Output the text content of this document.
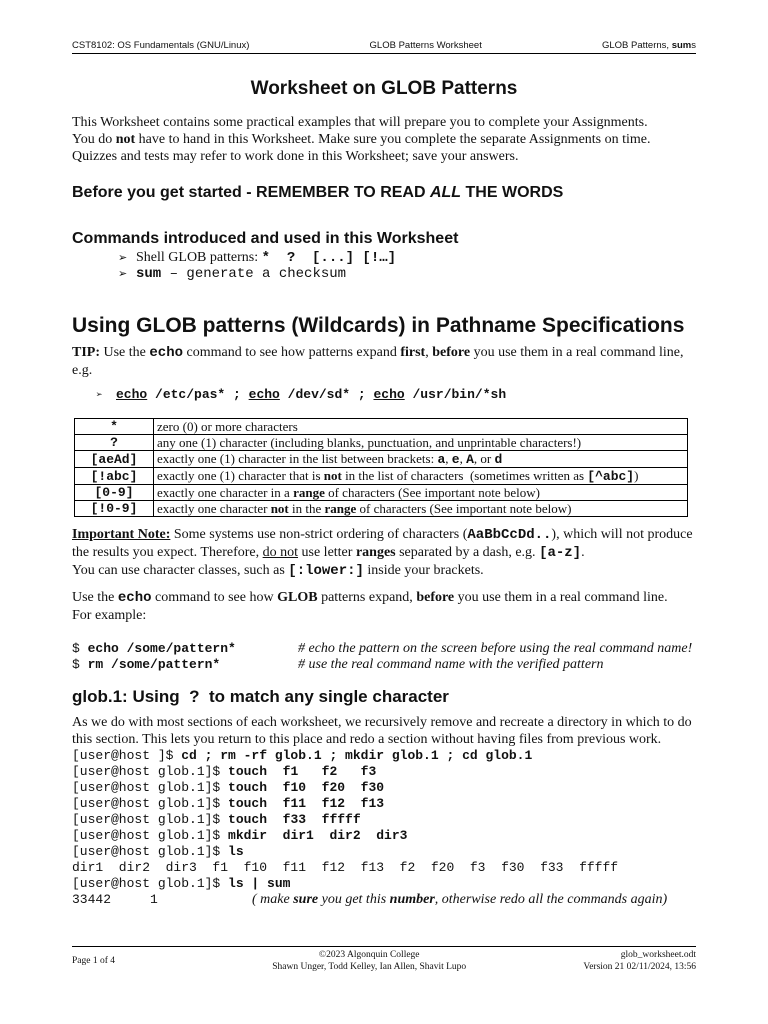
CST8102: OS Fundamentals (GNU/Linux)	GLOB Patterns Worksheet	GLOB Patterns, sums
Worksheet on GLOB Patterns

This Worksheet contains some practical examples that will prepare you to complete your Assignments.
You do not have to hand in this Worksheet. Make sure you complete the separate Assignments on time. Quizzes and tests may refer to work done in this Worksheet; save your answers.

Before you get started - REMEMBER TO READ ALL THE WORDS
Commands introduced and used in this Worksheet
➢ Shell GLOB patterns: *  ?  [...] [!…]
➢ sum – generate a checksum
Using GLOB patterns (Wildcards) in Pathname Specifications

TIP: Use the echo command to see how patterns expand first, before you use them in a real command line, e.g.

➢ echo /etc/pas* ; echo /dev/sd* ; echo /usr/bin/*sh
*	zero (0) or more characters
?	any one (1) character (including blanks, punctuation, and unprintable characters!)
[aeAd]	exactly one (1) character in the list between brackets: a, e, A, or d
[!abc]	exactly one (1) character that is not in the list of characters  (sometimes written as [^abc])
[0-9]	exactly one character in a range of characters (See important note below)
[!0-9]	exactly one character not in the range of characters (See important note below)

Important Note: Some systems use non-strict ordering of characters (AaBbCcDd..), which will not produce the results you expect. Therefore, do not use letter ranges separated by a dash, e.g. [a-z].
You can use character classes, such as [:lower:] inside your brackets.

Use the echo command to see how GLOB patterns expand, before you use them in a real command line.
For example:

$ echo /some/pattern*	# echo the pattern on the screen before using the real command name!
$ rm /some/pattern*	# use the real command name with the verified pattern
glob.1: Using  ?  to match any single character

As we do with most sections of each worksheet, we recursively remove and recreate a directory in which to do this section. This lets you return to this place and redo a section without having files from previous work.

[user@host ]$ cd ; rm -rf glob.1 ; mkdir glob.1 ; cd glob.1
[user@host glob.1]$ touch  f1   f2   f3
[user@host glob.1]$ touch  f10  f20  f30
[user@host glob.1]$ touch  f11  f12  f13
[user@host glob.1]$ touch  f33  fffff
[user@host glob.1]$ mkdir  dir1  dir2  dir3
[user@host glob.1]$ ls
dir1  dir2  dir3  f1  f10  f11  f12  f13  f2  f20  f3  f30  f33  fffff
[user@host glob.1]$ ls | sum
33442     1	( make sure you get this number, otherwise redo all the commands again)
Page 1 of 4
©2023 Algonquin College
Shawn Unger, Todd Kelley, Ian Allen, Shavit Lupo
glob_worksheet.odt
Version 21 02/11/2024, 13:56
